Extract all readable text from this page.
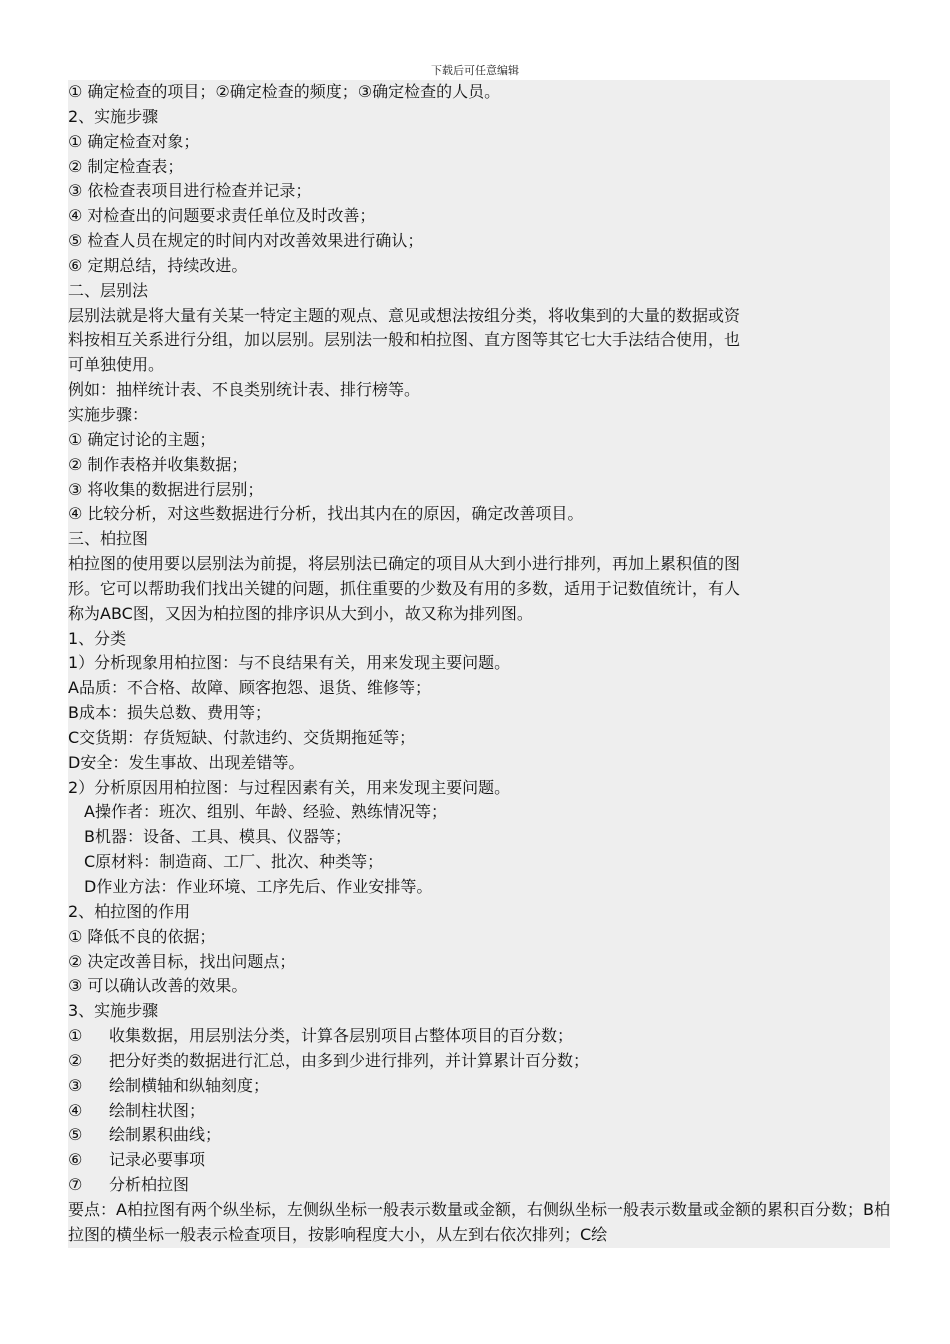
下载后可任意编辑
① 确定检查的项目；②确定检查的频度；③确定检查的人员。
2、实施步骤
① 确定检查对象；
② 制定检查表；
③ 依检查表项目进行检查并记录；
④ 对检查出的问题要求责任单位及时改善；
⑤ 检查人员在规定的时间内对改善效果进行确认；
⑥ 定期总结，持续改进。
二、层别法
层别法就是将大量有关某一特定主题的观点、意见或想法按组分类，将收集到的大量的数据或资
料按相互关系进行分组，加以层别。层别法一般和柏拉图、直方图等其它七大手法结合使用，也
可单独使用。
例如：抽样统计表、不良类别统计表、排行榜等。
实施步骤：
① 确定讨论的主题；
② 制作表格并收集数据；
③ 将收集的数据进行层别；
④ 比较分析，对这些数据进行分析，找出其内在的原因，确定改善项目。
三、柏拉图
柏拉图的使用要以层别法为前提，将层别法已确定的项目从大到小进行排列，再加上累积值的图
形。它可以帮助我们找出关键的问题，抓住重要的少数及有用的多数，适用于记数值统计，有人
称为ABC图，又因为柏拉图的排序识从大到小，故又称为排列图。
1、分类
1）分析现象用柏拉图：与不良结果有关，用来发现主要问题。
A品质：不合格、故障、顾客抱怨、退货、维修等；
B成本：损失总数、费用等；
C交货期：存货短缺、付款违约、交货期拖延等；
D安全：发生事故、出现差错等。
2）分析原因用柏拉图：与过程因素有关，用来发现主要问题。
A操作者：班次、组别、年龄、经验、熟练情况等；
B机器：设备、工具、模具、仪器等；
C原材料：制造商、工厂、批次、种类等；
D作业方法：作业环境、工序先后、作业安排等。
2、柏拉图的作用
① 降低不良的依据；
② 决定改善目标，找出问题点；
③ 可以确认改善的效果。
3、实施步骤
① 收集数据，用层别法分类，计算各层别项目占整体项目的百分数；
② 把分好类的数据进行汇总，由多到少进行排列，并计算累计百分数；
③ 绘制横轴和纵轴刻度；
④ 绘制柱状图；
⑤ 绘制累积曲线；
⑥ 记录必要事项
⑦ 分析柏拉图
要点：A柏拉图有两个纵坐标，左侧纵坐标一般表示数量或金额，右侧纵坐标一般表示数量或金额的累积百分数；B柏拉图的横坐标一般表示检查项目，按影响程度大小，从左到右依次排列；C绘
